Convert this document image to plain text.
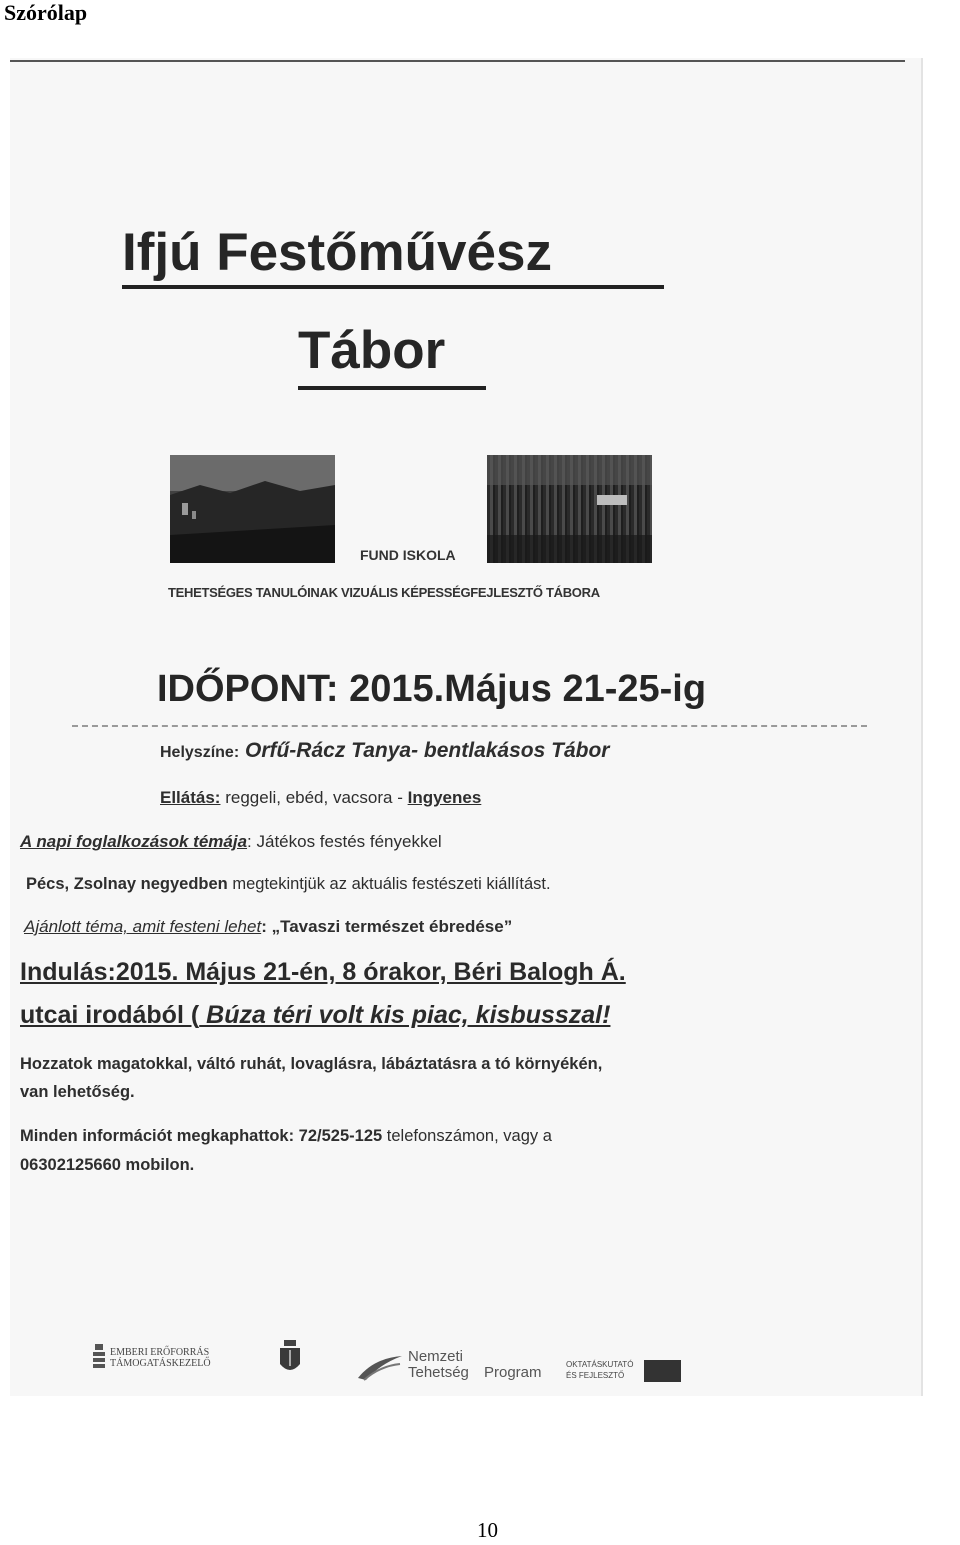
Szórólap
Ifjú Festőművész
Tábor
FUND ISKOLA
TEHETSÉGES TANULÓINAK VIZUÁLIS KÉPESSÉGFEJLESZTŐ TÁBORA
IDŐPONT: 2015.Május 21-25-ig
Helyszíne: Orfű-Rácz Tanya- bentlakásos Tábor
Ellátás: reggeli, ebéd, vacsora - Ingyenes
A napi foglalkozások témája: Játékos festés fényekkel
Pécs, Zsolnay negyedben megtekintjük az aktuális festészeti kiállítást.
Ajánlott téma, amit festeni lehet: „Tavaszi természet ébredése”
Indulás:2015. Május 21-én, 8 órakor, Béri Balogh Á.
utcai irodából ( Búza téri volt kis piac, kisbusszal!
Hozzatok magatokkal, váltó ruhát, lovaglásra, lábáztatásra a tó környékén,
van lehetőség.
Minden információt megkaphattok: 72/525-125 telefonszámon, vagy a
06302125660 mobilon.
EMBERI ERŐFORRÁS
TÁMOGATÁSKEZELŐ	Nemzeti
Tehetség Program	OKTATÁSKUTATÓ
ÉS FEJLESZTŐ
10
